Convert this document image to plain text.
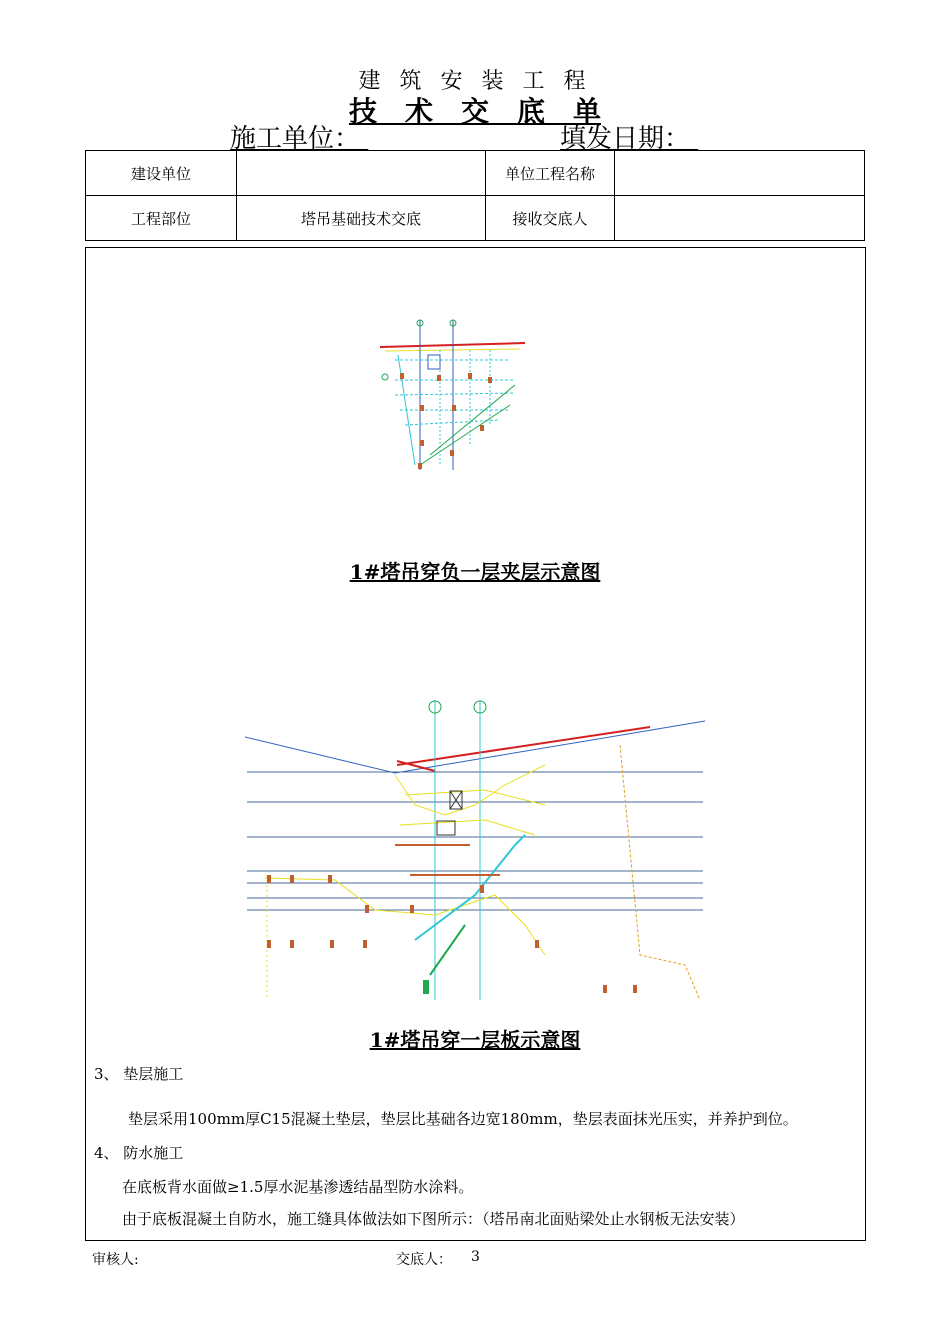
建 筑 安 装 工 程
技　术　交　底　单
施工单位：	填发日期：
建设单位		单位工程名称	
工程部位	塔吊基础技术交底	接收交底人	
1#塔吊穿负一层夹层示意图
1#塔吊穿一层板示意图
3、 垫层施工
垫层采用100mm厚C15混凝土垫层，垫层比基础各边宽180mm，垫层表面抹光压实，并养护到位。
4、 防水施工
在底板背水面做≥1.5厚水泥基渗透结晶型防水涂料。
由于底板混凝土自防水，施工缝具体做法如下图所示：（塔吊南北面贴梁处止水钢板无法安装）
审核人:	交底人： 3
